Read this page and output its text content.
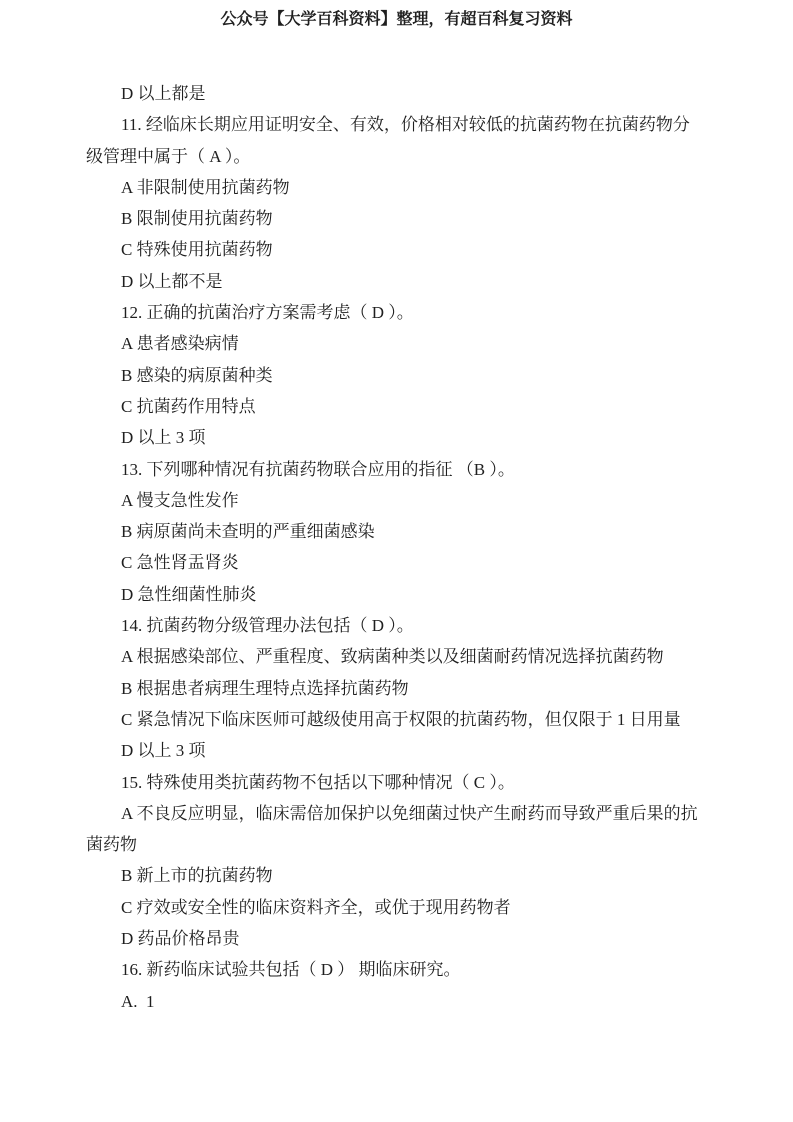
公众号【大学百科资料】整理，有超百科复习资料
D 以上都是
11. 经临床长期应用证明安全、有效，价格相对较低的抗菌药物在抗菌药物分
级管理中属于（ A ）。
A 非限制使用抗菌药物
B 限制使用抗菌药物
C 特殊使用抗菌药物
D 以上都不是
12. 正确的抗菌治疗方案需考虑（ D ）。
A 患者感染病情
B 感染的病原菌种类
C 抗菌药作用特点
D 以上 3 项
13. 下列哪种情况有抗菌药物联合应用的指征 （B ）。
A 慢支急性发作
B 病原菌尚未查明的严重细菌感染
C 急性肾盂肾炎
D 急性细菌性肺炎
14. 抗菌药物分级管理办法包括（ D ）。
A 根据感染部位、严重程度、致病菌种类以及细菌耐药情况选择抗菌药物
B 根据患者病理生理特点选择抗菌药物
C 紧急情况下临床医师可越级使用高于权限的抗菌药物，但仅限于 1 日用量
D 以上 3 项
15. 特殊使用类抗菌药物不包括以下哪种情况（ C ）。
A 不良反应明显，临床需倍加保护以免细菌过快产生耐药而导致严重后果的抗
菌药物
B 新上市的抗菌药物
C 疗效或安全性的临床资料齐全，或优于现用药物者
D 药品价格昂贵
16. 新药临床试验共包括（ D ） 期临床研究。
A.  1
